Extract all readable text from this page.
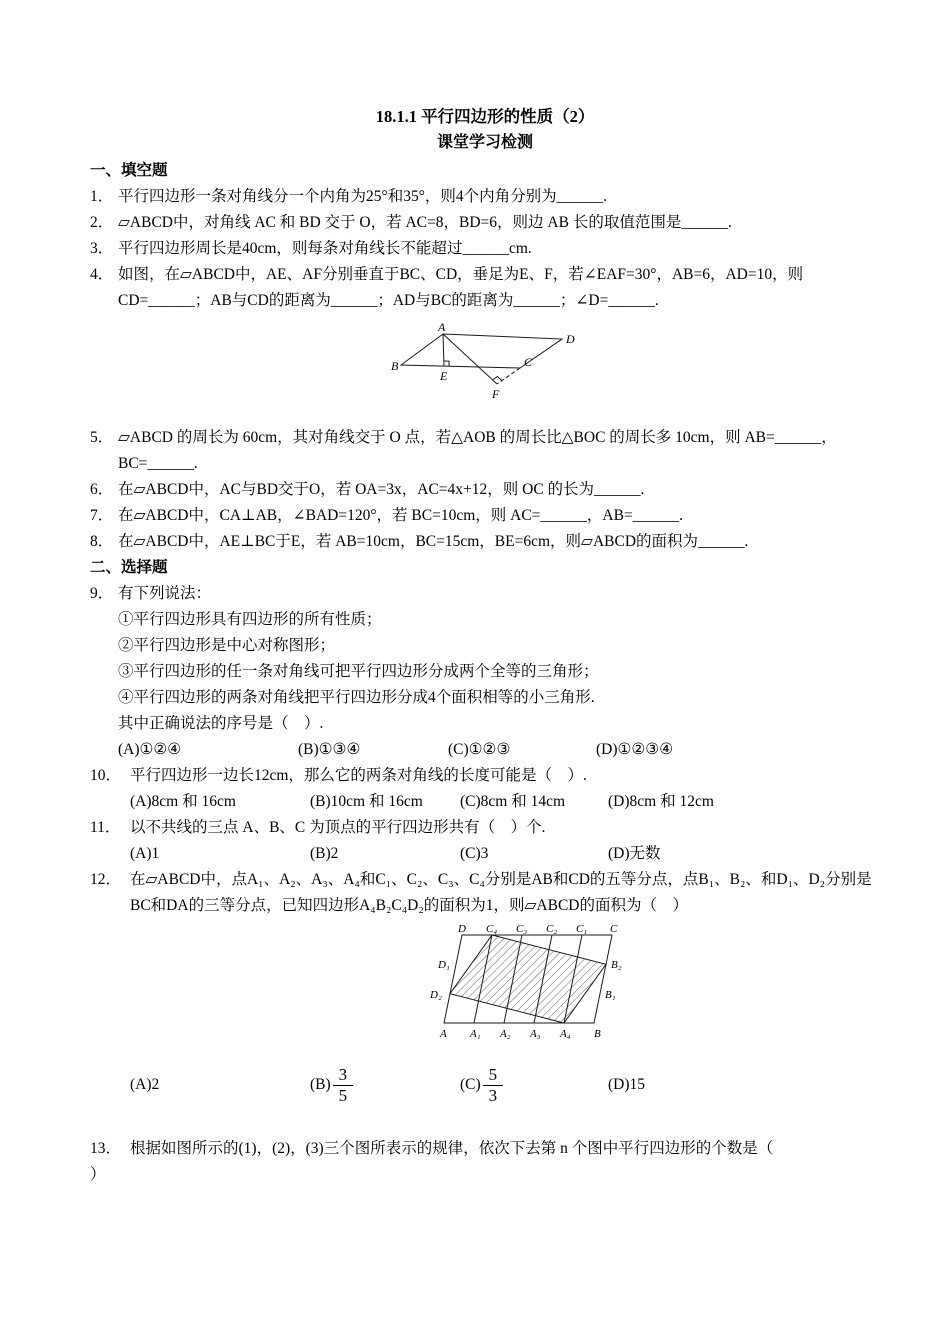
18.1.1 平行四边形的性质（2）
课堂学习检测
一、填空题
1． 平行四边形一条对角线分一个内角为25°和35°，则4个内角分别为______.
2． ▱ABCD中，对角线 AC 和 BD 交于 O，若 AC=8，BD=6，则边 AB 长的取值范围是______.
3． 平行四边形周长是40cm，则每条对角线长不能超过______cm.
4． 如图，在▱ABCD中，AE、AF分别垂直于BC、CD，垂足为E、F，若∠EAF=30°，AB=6，AD=10，则CD=______；AB与CD的距离为______；AD与BC的距离为______；∠D=______.
A
B	C
D
E
F
5． ▱ABCD 的周长为 60cm，其对角线交于 O 点，若△AOB 的周长比△BOC 的周长多 10cm，则 AB=______，BC=______.
6． 在▱ABCD中，AC与BD交于O，若 OA=3x，AC=4x+12，则 OC 的长为______.
7． 在▱ABCD中，CA⊥AB，∠BAD=120°，若 BC=10cm，则 AC=______，AB=______.
8． 在▱ABCD中，AE⊥BC于E，若 AB=10cm，BC=15cm，BE=6cm，则▱ABCD的面积为______.
二、选择题
9． 有下列说法：
①平行四边形具有四边形的所有性质；
②平行四边形是中心对称图形；
③平行四边形的任一条对角线可把平行四边形分成两个全等的三角形；
④平行四边形的两条对角线把平行四边形分成4个面积相等的小三角形.
其中正确说法的序号是（　）.
(A)①②④	(B)①③④	(C)①②③	(D)①②③④
10． 平行四边形一边长12cm，那么它的两条对角线的长度可能是（　）.
(A)8cm 和 16cm	(B)10cm 和 16cm	(C)8cm 和 14cm	(D)8cm 和 12cm
11． 以不共线的三点 A、B、C 为顶点的平行四边形共有（　）个.
(A)1	(B)2	(C)3	(D)无数
12． 在▱ABCD中，点A₁、A₂、A₃、A₄和C₁、C₂、C₃、C₄分别是AB和CD的五等分点，点B₁、B₂、和D₁、D₂分别是BC和DA的三等分点，已知四边形A₄B₂C₄D₂的面积为1，则▱ABCD的面积为（　）
D C₄ C₃ C₂ C₁ C
D₁
D₂
B₂
B₁
A A₁ A₂ A₃ A₄ B
(A)2	$(B) \frac{3}{5}$	$(C) \frac{5}{3}$	(D)15
13． 根据如图所示的(1)，(2)，(3)三个图所表示的规律，依次下去第 n 个图中平行四边形的个数是（
）
